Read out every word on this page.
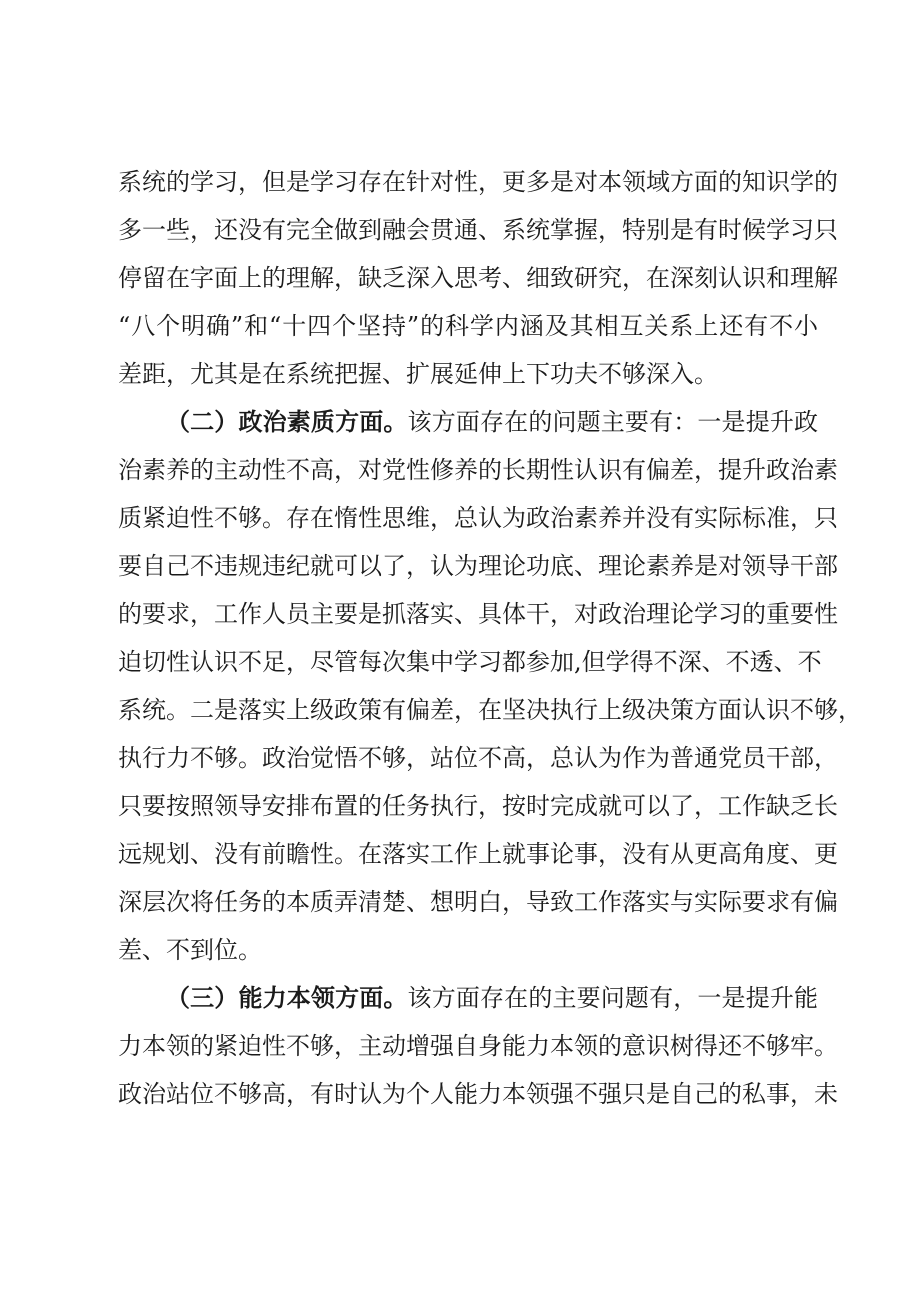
系统的学习，但是学习存在针对性，更多是对本领域方面的知识学的
多一些，还没有完全做到融会贯通、系统掌握，特别是有时候学习只
停留在字面上的理解，缺乏深入思考、细致研究，在深刻认识和理解
“八个明确”和“十四个坚持”的科学内涵及其相互关系上还有不小
差距，尤其是在系统把握、扩展延伸上下功夫不够深入。
（二）政治素质方面。该方面存在的问题主要有：一是提升政
治素养的主动性不高，对党性修养的长期性认识有偏差，提升政治素
质紧迫性不够。存在惰性思维，总认为政治素养并没有实际标准，只
要自己不违规违纪就可以了，认为理论功底、理论素养是对领导干部
的要求，工作人员主要是抓落实、具体干，对政治理论学习的重要性
迫切性认识不足，尽管每次集中学习都参加,但学得不深、不透、不
系统。二是落实上级政策有偏差，在坚决执行上级决策方面认识不够，
执行力不够。政治觉悟不够，站位不高，总认为作为普通党员干部，
只要按照领导安排布置的任务执行，按时完成就可以了，工作缺乏长
远规划、没有前瞻性。在落实工作上就事论事，没有从更高角度、更
深层次将任务的本质弄清楚、想明白，导致工作落实与实际要求有偏
差、不到位。
（三）能力本领方面。该方面存在的主要问题有，一是提升能
力本领的紧迫性不够，主动增强自身能力本领的意识树得还不够牢。
政治站位不够高，有时认为个人能力本领强不强只是自己的私事，未
